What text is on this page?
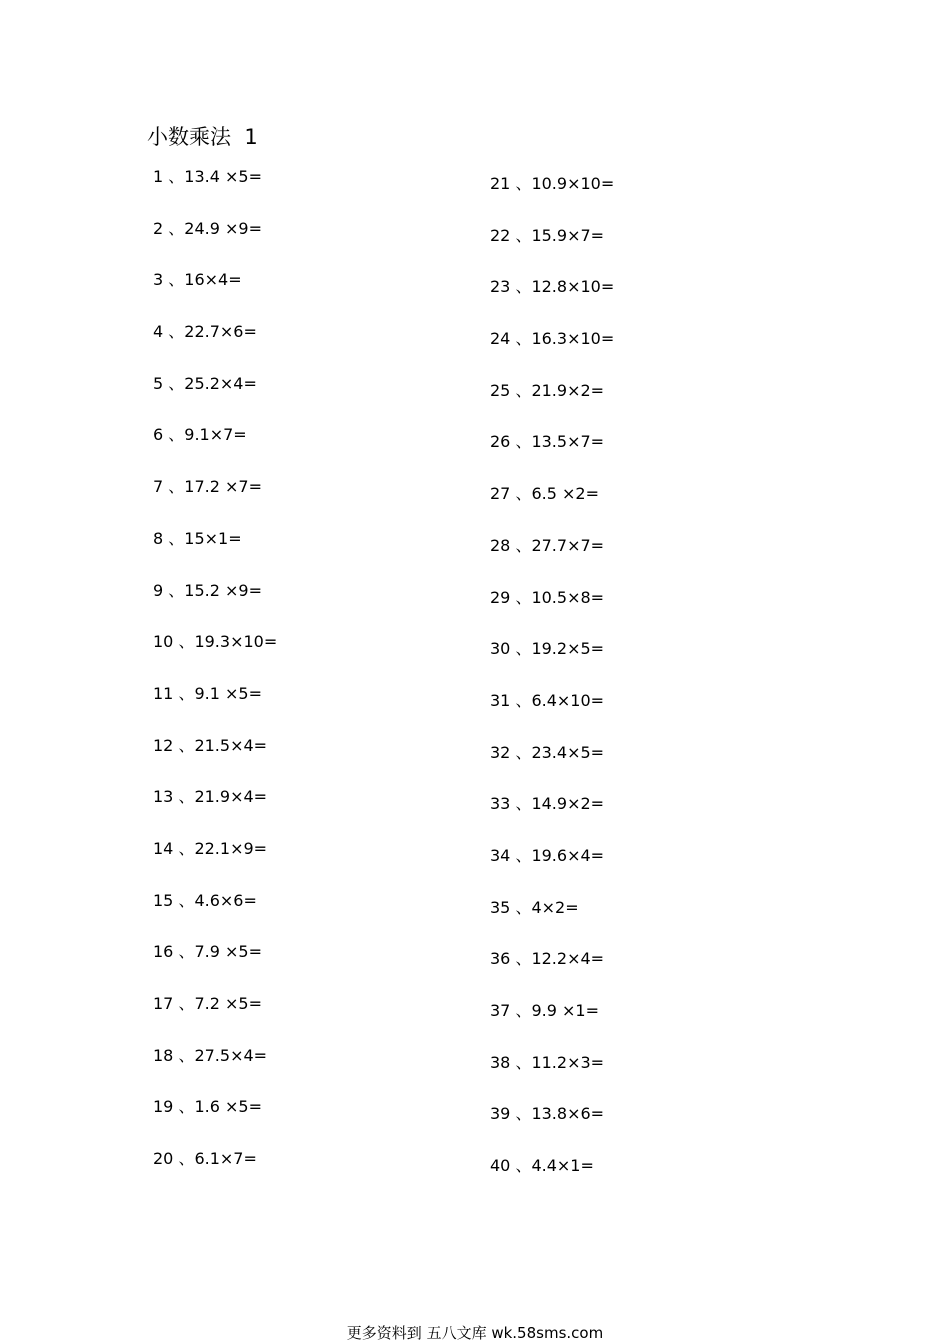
小数乘法  1
1 、13.4 ×5=
2 、24.9 ×9=
3 、16×4=
4 、22.7×6=
5 、25.2×4=
6 、9.1×7=
7 、17.2 ×7=
8 、15×1=
9 、15.2 ×9=
10 、19.3×10=
11 、9.1 ×5=
12 、21.5×4=
13 、21.9×4=
14 、22.1×9=
15 、4.6×6=
16 、7.9 ×5=
17 、7.2 ×5=
18 、27.5×4=
19 、1.6 ×5=
20 、6.1×7=
21 、10.9×10=
22 、15.9×7=
23 、12.8×10=
24 、16.3×10=
25 、21.9×2=
26 、13.5×7=
27 、6.5 ×2=
28 、27.7×7=
29 、10.5×8=
30 、19.2×5=
31 、6.4×10=
32 、23.4×5=
33 、14.9×2=
34 、19.6×4=
35 、4×2=
36 、12.2×4=
37 、9.9 ×1=
38 、11.2×3=
39 、13.8×6=
40 、4.4×1=
更多资料到 五八文库 wk.58sms.com
